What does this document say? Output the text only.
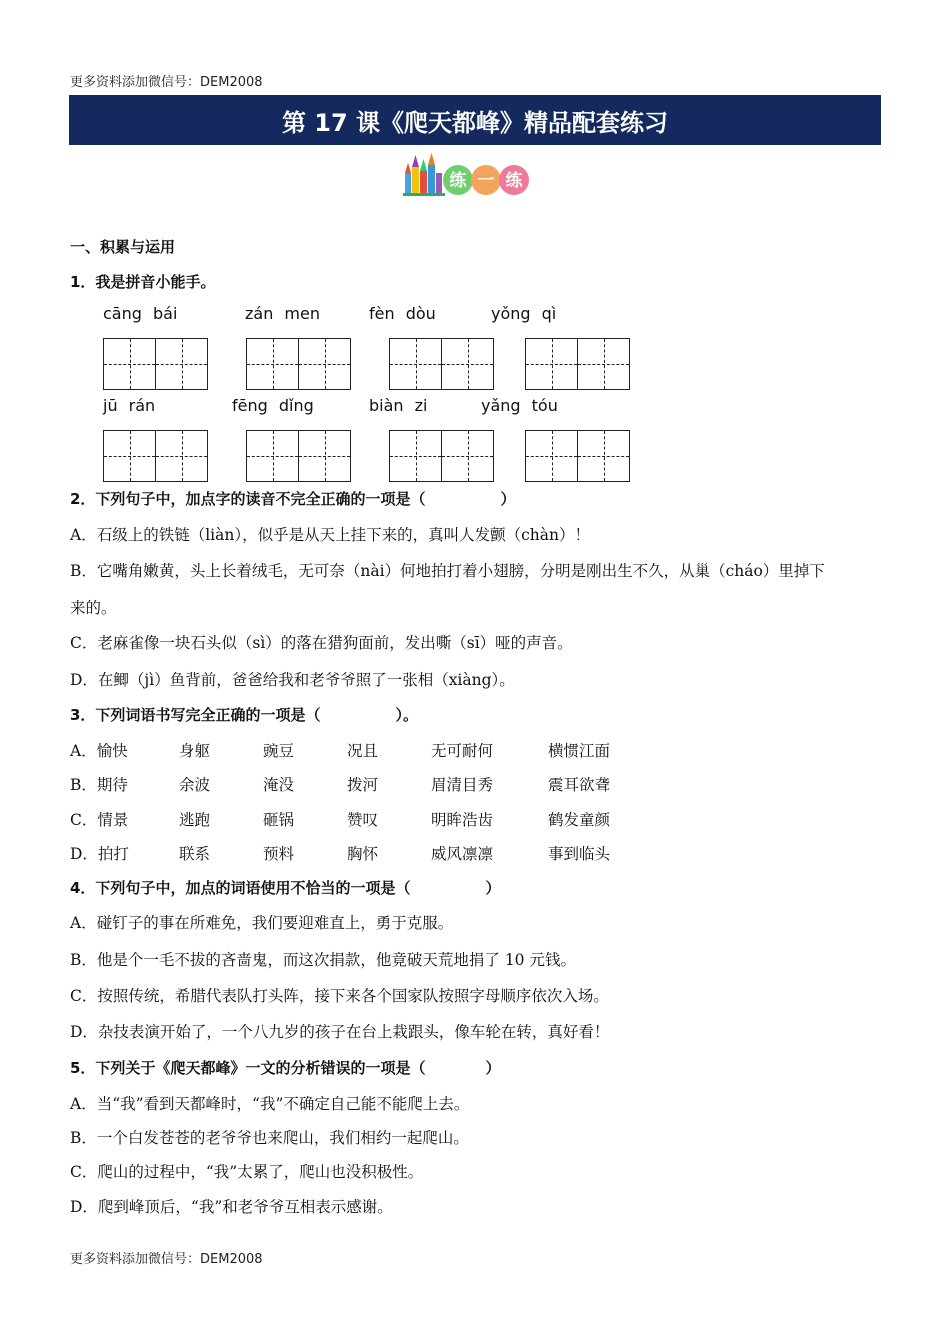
更多资料添加微信号：DEM2008
第 17 课《爬天都峰》精品配套练习
练 一 练
一、积累与运用
1．我是拼音小能手。
cāng bái	zán men	fèn dòu	yǒng qì
jū rán	fēng dǐng	biàn zi	yǎng tóu
2．下列句子中，加点字的读音不完全正确的一项是（　　　　　）
A．石级上的铁链（liàn），似乎是从天上挂下来的，真叫人发颤（chàn）！
B．它嘴角嫩黄，头上长着绒毛，无可奈（nài）何地拍打着小翅膀，分明是刚出生不久，从巢（cháo）里掉下
来的。
C．老麻雀像一块石头似（sì）的落在猎狗面前，发出嘶（sī）哑的声音。
D．在鲫（jì）鱼背前，爸爸给我和老爷爷照了一张相（xiàng）。
3．下列词语书写完全正确的一项是（　　　　　）。
A．愉快	身躯	豌豆	况且	无可耐何	横惯江面
B．期待	余波	淹没	拨河	眉清目秀	震耳欲聋
C．情景	逃跑	砸锅	赞叹	明眸浩齿	鹤发童颜
D．拍打	联系	预料	胸怀	威风凛凛	事到临头
4．下列句子中，加点的词语使用不恰当的一项是（　　　　　）
A．碰钉子的事在所难免，我们要迎难直上，勇于克服。
B．他是个一毛不拔的吝啬鬼，而这次捐款，他竟破天荒地捐了 10 元钱。
C．按照传统，希腊代表队打头阵，接下来各个国家队按照字母顺序依次入场。
D．杂技表演开始了，一个八九岁的孩子在台上栽跟头，像车轮在转，真好看！
5．下列关于《爬天都峰》一文的分析错误的一项是（　　　　）
A．当“我”看到天都峰时，“我”不确定自己能不能爬上去。
B．一个白发苍苍的老爷爷也来爬山，我们相约一起爬山。
C．爬山的过程中，“我”太累了，爬山也没积极性。
D．爬到峰顶后，“我”和老爷爷互相表示感谢。
更多资料添加微信号：DEM2008
